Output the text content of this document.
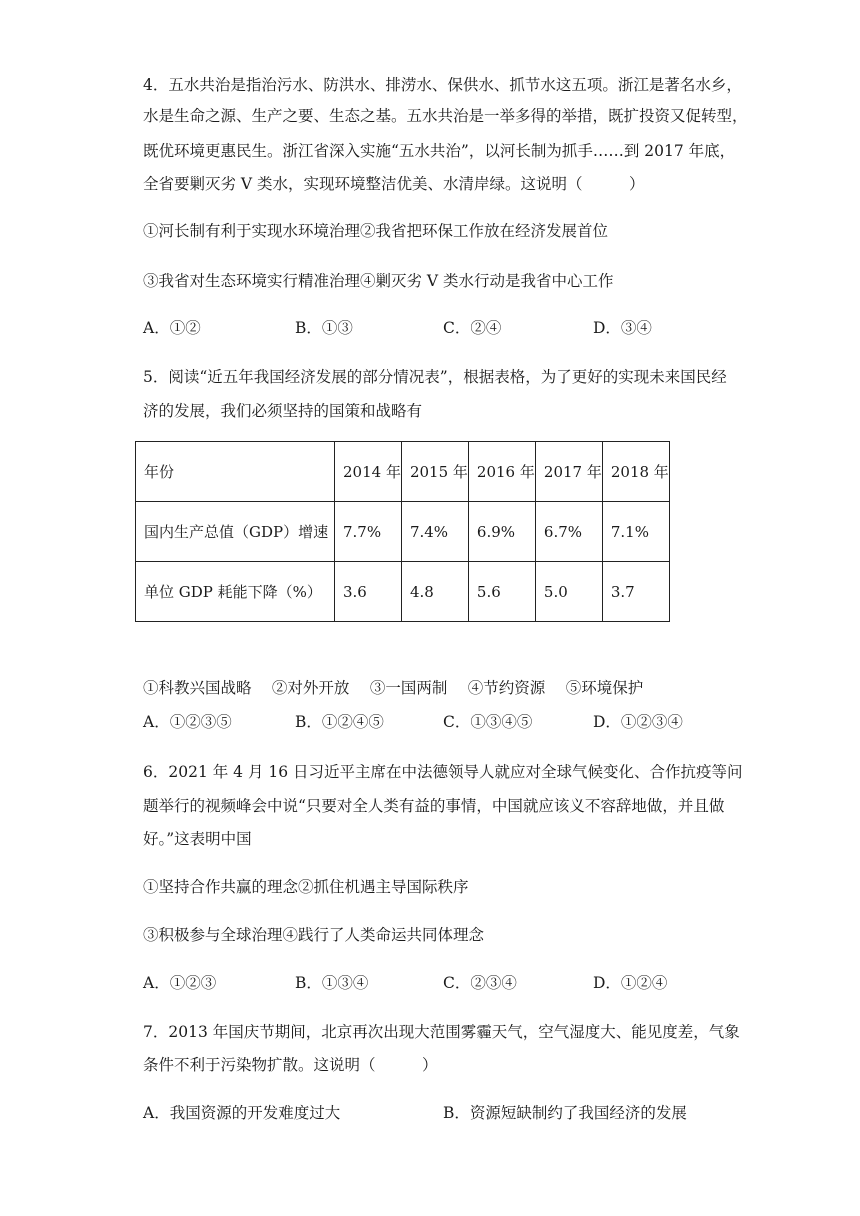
4．五水共治是指治污水、防洪水、排涝水、保供水、抓节水这五项。浙江是著名水乡，
水是生命之源、生产之要、生态之基。五水共治是一举多得的举措，既扩投资又促转型，
既优环境更惠民生。浙江省深入实施“五水共治”，以河长制为抓手……到 2017 年底，
全省要剿灭劣 V 类水，实现环境整洁优美、水清岸绿。这说明（　　　）
①河长制有利于实现水环境治理②我省把环保工作放在经济发展首位
③我省对生态环境实行精准治理④剿灭劣 V 类水行动是我省中心工作
A．①②	B．①③	C．②④	D．③④
5．阅读“近五年我国经济发展的部分情况表”，根据表格，为了更好的实现未来国民经
济的发展，我们必须坚持的国策和战略有
年份	2014 年	2015 年	2016 年	2017 年	2018 年
国内生产总值（GDP）增速	7.7%	7.4%	6.9%	6.7%	7.1%
单位 GDP 耗能下降（%）	3.6	4.8	5.6	5.0	3.7
①科教兴国战略　 ②对外开放　 ③一国两制　 ④节约资源　 ⑤环境保护
A．①②③⑤	B．①②④⑤	C．①③④⑤	D．①②③④
6．2021 年 4 月 16 日习近平主席在中法德领导人就应对全球气候变化、合作抗疫等问
题举行的视频峰会中说“只要对全人类有益的事情，中国就应该义不容辞地做，并且做
好。”这表明中国
①坚持合作共赢的理念②抓住机遇主导国际秩序
③积极参与全球治理④践行了人类命运共同体理念
A．①②③	B．①③④	C．②③④	D．①②④
7．2013 年国庆节期间，北京再次出现大范围雾霾天气，空气湿度大、能见度差，气象
条件不利于污染物扩散。这说明（　　　）
A．我国资源的开发难度过大	B．资源短缺制约了我国经济的发展
